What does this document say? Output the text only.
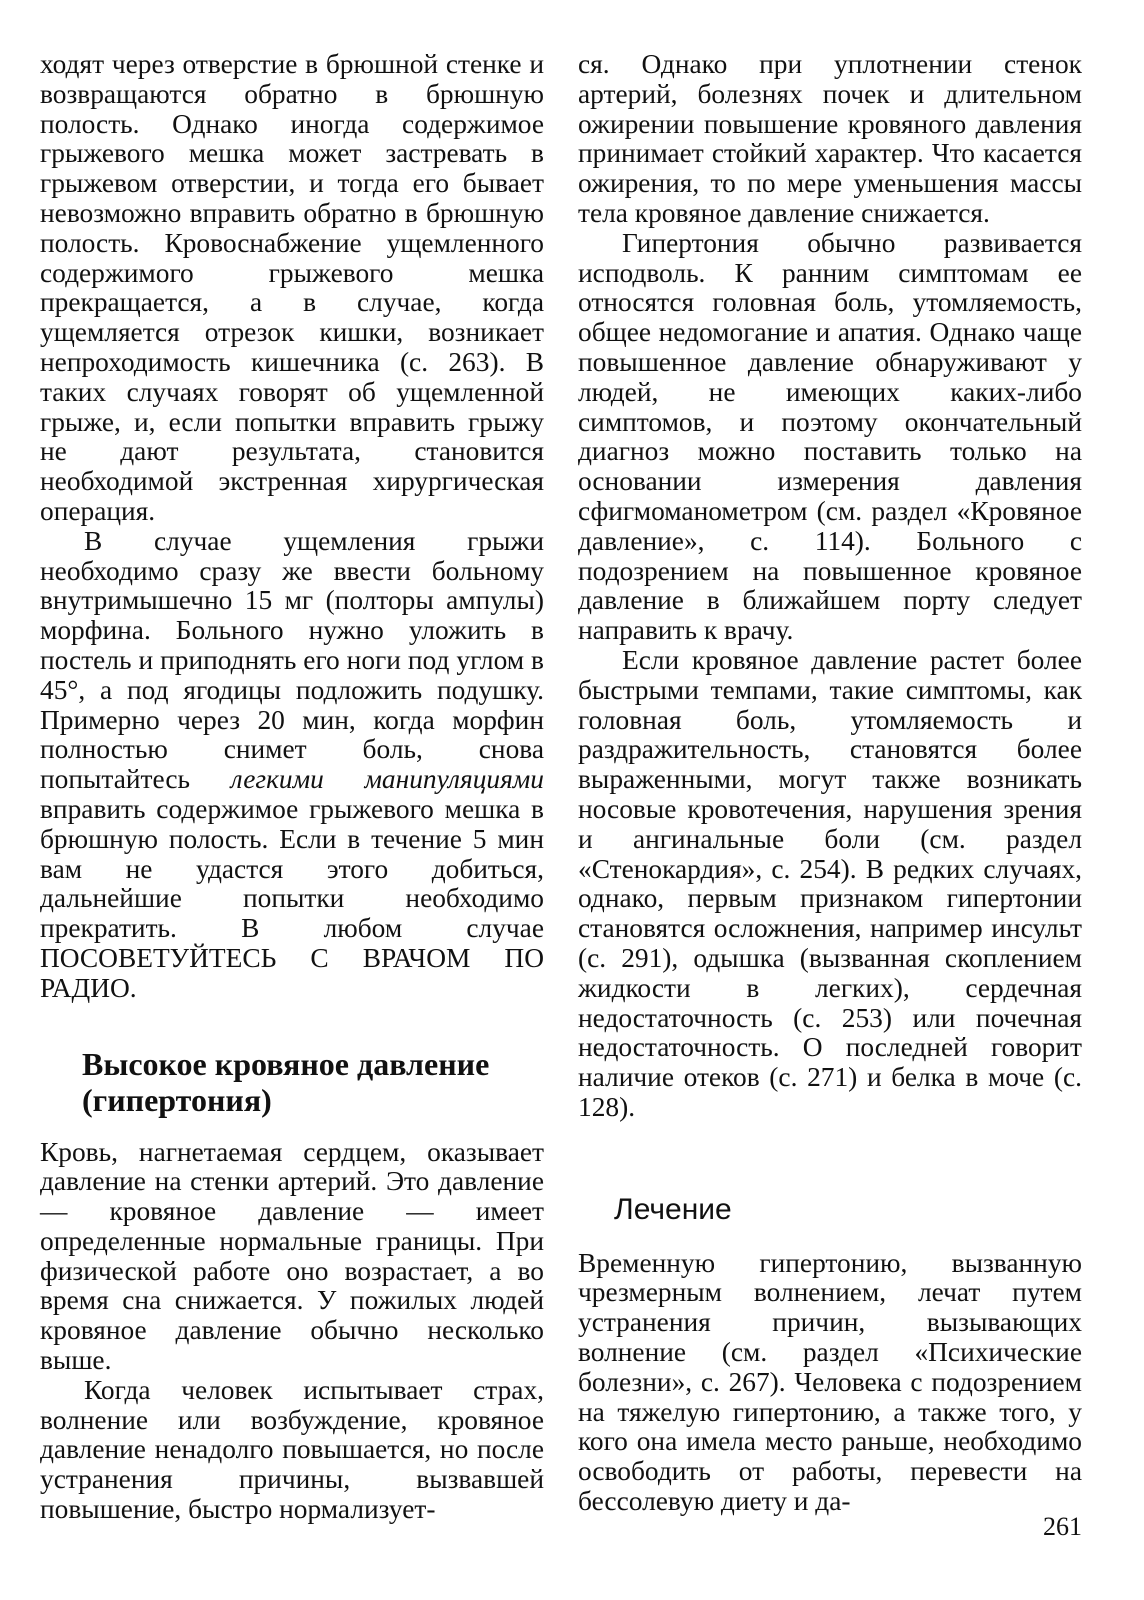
ходят через отверстие в брюшной стенке и возвращаются обратно в брюшную полость. Однако иногда содержимое грыжевого мешка может застревать в грыжевом отверстии, и тогда его бывает невозможно вправить обратно в брюшную полость. Кровоснабжение ущемленного содержимого грыжевого мешка прекращается, а в случае, когда ущемляется отрезок кишки, возникает непроходимость кишечника (с. 263). В таких случаях говорят об ущемленной грыже, и, если попытки вправить грыжу не дают результата, становится необходимой экстренная хирургическая операция.

В случае ущемления грыжи необходимо сразу же ввести больному внутримышечно 15 мг (полторы ампулы) морфина. Больного нужно уложить в постель и приподнять его ноги под углом в 45°, а под ягодицы подложить подушку. Примерно через 20 мин, когда морфин полностью снимет боль, снова попытайтесь легкими манипуляциями вправить содержимое грыжевого мешка в брюшную полость. Если в течение 5 мин вам не удастся этого добиться, дальнейшие попытки необходимо прекратить. В любом случае ПОСОВЕТУЙТЕСЬ С ВРАЧОМ ПО РАДИО.

Высокое кровяное давление
(гипертония)

Кровь, нагнетаемая сердцем, оказывает давление на стенки артерий. Это давление — кровяное давление — имеет определенные нормальные границы. При физической работе оно возрастает, а во время сна снижается. У пожилых людей кровяное давление обычно несколько выше.

Когда человек испытывает страх, волнение или возбуждение, кровяное давление ненадолго повышается, но после устранения причины, вызвавшей повышение, быстро нормализует-

ся. Однако при уплотнении стенок артерий, болезнях почек и длительном ожирении повышение кровяного давления принимает стойкий характер. Что касается ожирения, то по мере уменьшения массы тела кровяное давление снижается.

Гипертония обычно развивается исподволь. К ранним симптомам ее относятся головная боль, утомляемость, общее недомогание и апатия. Однако чаще повышенное давление обнаруживают у людей, не имеющих каких-либо симптомов, и поэтому окончательный диагноз можно поставить только на основании измерения давления сфигмоманометром (см. раздел «Кровяное давление», с. 114). Больного с подозрением на повышенное кровяное давление в ближайшем порту следует направить к врачу.

Если кровяное давление растет более быстрыми темпами, такие симптомы, как головная боль, утомляемость и раздражительность, становятся более выраженными, могут также возникать носовые кровотечения, нарушения зрения и ангинальные боли (см. раздел «Стенокардия», с. 254). В редких случаях, однако, первым признаком гипертонии становятся осложнения, например инсульт (с. 291), одышка (вызванная скоплением жидкости в легких), сердечная недостаточность (с. 253) или почечная недостаточность. О последней говорит наличие отеков (с. 271) и белка в моче (с. 128).

Лечение

Временную гипертонию, вызванную чрезмерным волнением, лечат путем устранения причин, вызывающих волнение (см. раздел «Психические болезни», с. 267). Человека с подозрением на тяжелую гипертонию, а также того, у кого она имела место раньше, необходимо освободить от работы, перевести на бессолевую диету и да-

261
